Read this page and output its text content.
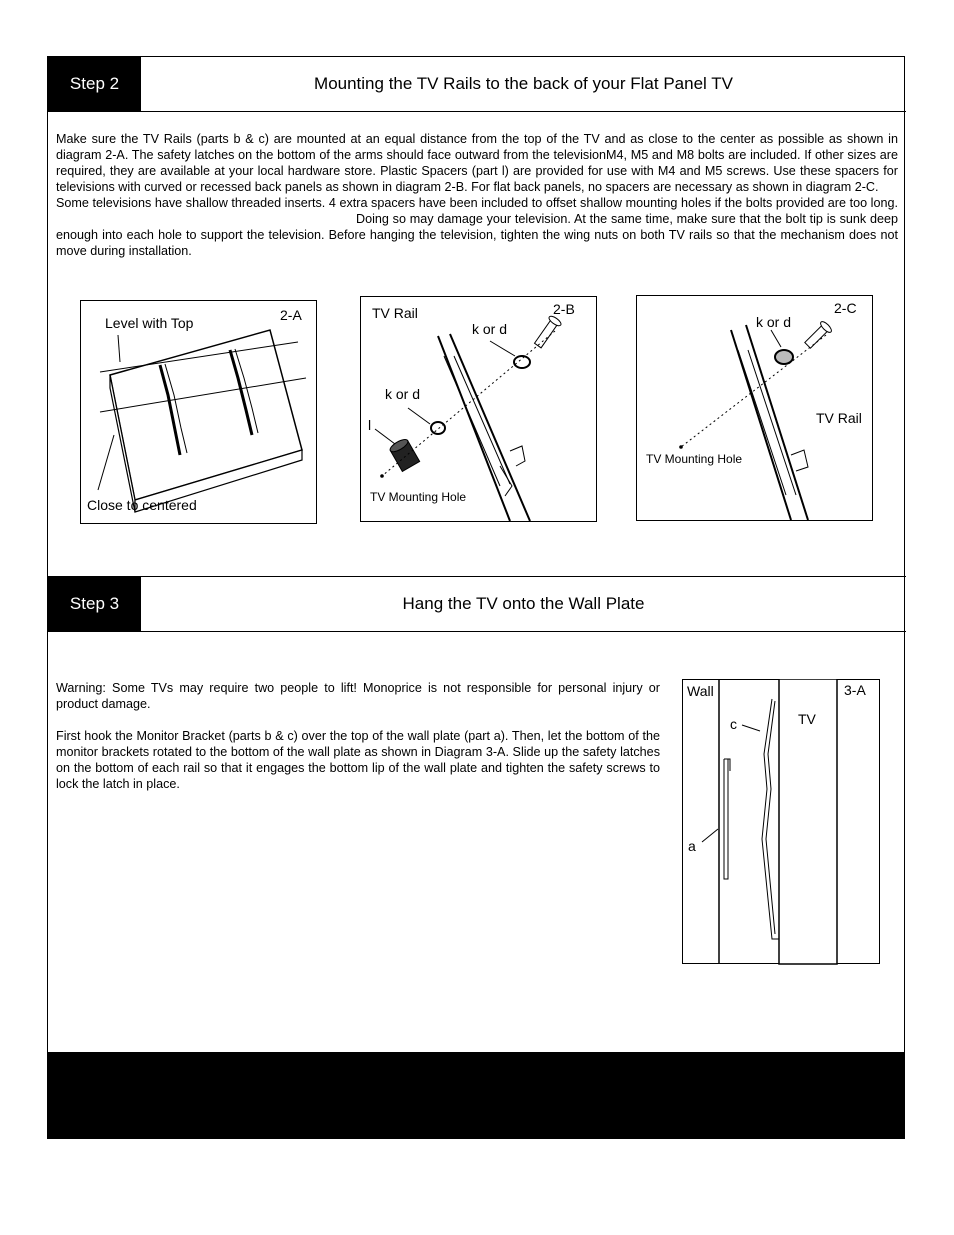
Step 2	Mounting the TV Rails to the back of your Flat Panel TV

Make sure the TV Rails (parts b & c) are mounted at an equal distance from the top of the TV and as close to the center as possible as shown in diagram 2-A. The safety latches on the bottom of the arms should face outward from the televisionM4, M5 and M8 bolts are included. If other sizes are required, they are available at your local hardware store. Plastic Spacers (part l) are provided for use with M4 and M5 screws. Use these spacers for televisions with curved or recessed back panels as shown in diagram 2-B. For flat back panels, no spacers are necessary as shown in diagram 2-C.

Some televisions have shallow threaded inserts. 4 extra spacers have been included to offset shallow mounting holes if the bolts provided are too long.Doing so may damage your television. At the same time, make sure that the bolt tip is sunk deep enough into each hole to support the television. Before hanging the television, tighten the wing nuts on both TV rails so that the mechanism does not move during installation.

Level with Top	2-A
Close to centered
TV Rail	2-B
k or d
k or d
l
TV Mounting Hole
2-C
k or d
TV Rail
TV Mounting Hole
Step 3	Hang the TV onto the Wall Plate

Warning: Some TVs may require two people to lift! Monoprice is not responsible for personal injury or product damage.

First hook the Monitor Bracket (parts b & c) over the top of the wall plate (part a). Then, let the bottom of the monitor brackets rotated to the bottom of the wall plate as shown in Diagram 3-A. Slide up the safety latches on the bottom of each rail so that it engages the bottom lip of the wall plate and tighten the safety screws to lock the latch in place.

Wall	3-A
TV
c
a
